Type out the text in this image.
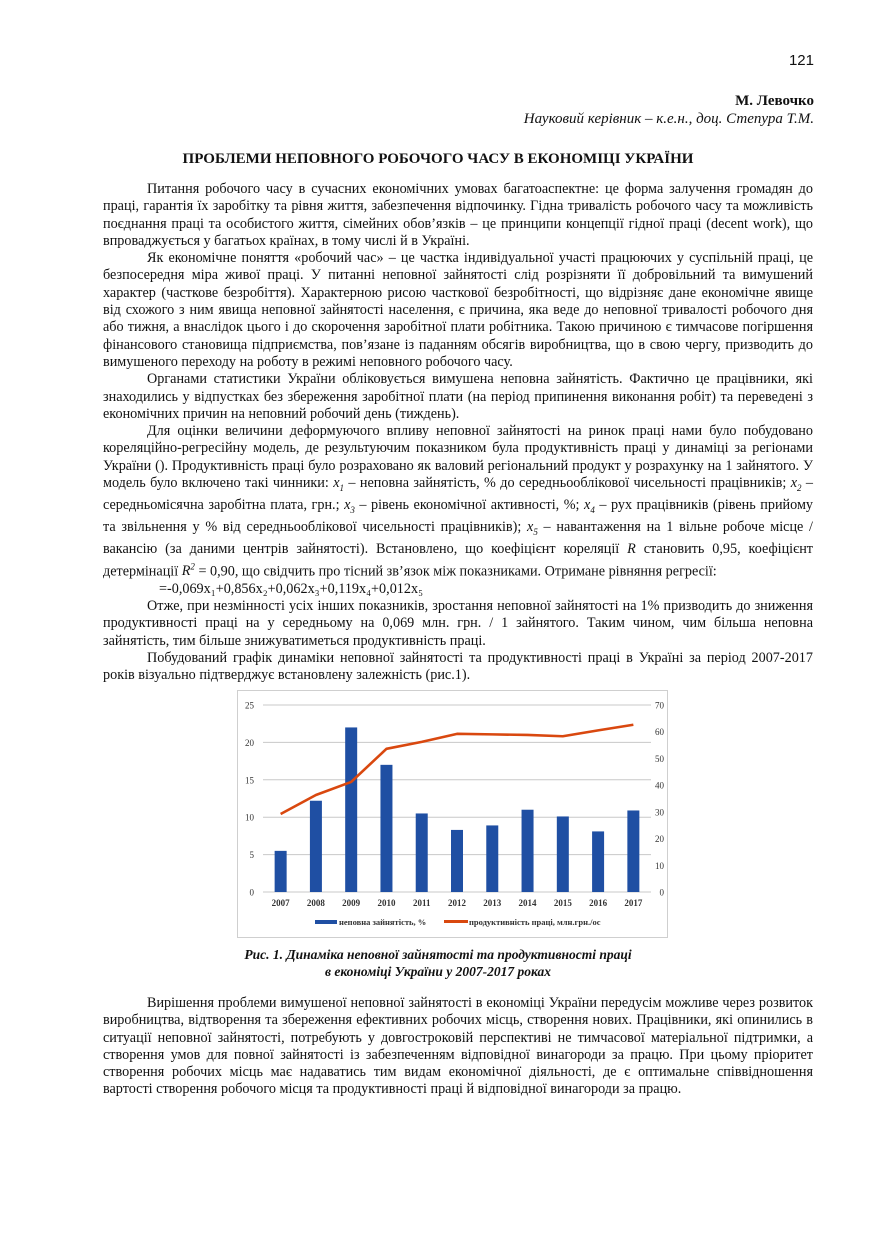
121
М. Левочко
Науковий керівник – к.е.н., доц. Степура Т.М.
ПРОБЛЕМИ НЕПОВНОГО РОБОЧОГО ЧАСУ В ЕКОНОМІЦІ УКРАЇНИ

Питання робочого часу в сучасних економічних умовах багатоаспектне: це форма залучення громадян до праці, гарантія їх заробітку та рівня життя, забезпечення відпочинку. Гідна тривалість робочого часу та можливість поєднання праці та особистого життя, сімейних обов’язків – це принципи концепції гідної праці (decent work), що впроваджується у багатьох країнах, в тому числі й в Україні.

Як економічне поняття «робочий час» – це частка індивідуальної участі працюючих у суспільній праці, це безпосередня міра живої праці. У питанні неповної зайнятості слід розрізняти її добровільний та вимушений характер (часткове безробіття). Характерною рисою часткової безробітності, що відрізняє дане економічне явище від схожого з ним явища неповної зайнятості населення, є причина, яка веде до неповної тривалості робочого дня або тижня, а внаслідок цього і до скорочення заробітної плати робітника. Такою причиною є тимчасове погіршення фінансового становища підприємства, пов’язане із паданням обсягів виробництва, що в свою чергу, призводить до вимушеного переходу на роботу в режимі неповного робочого часу.

Органами статистики України обліковується вимушена неповна зайнятість. Фактично це працівники, які знаходились у відпустках без збереження заробітної плати (на період припинення виконання робіт) та переведені з економічних причин на неповний робочий день (тиждень).

Для оцінки величини деформуючого впливу неповної зайнятості на ринок праці нами було побудовано кореляційно-регресійну модель, де результуючим показником була продуктивність праці у динаміці за регіонами України (). Продуктивність праці було розраховано як валовий регіональний продукт у розрахунку на 1 зайнятого. У модель було включено такі чинники: $x_1$ – неповна зайнятість, % до середньооблікової чисельності працівників; $x_2$ – середньомісячна заробітна плата, грн.; $x_3$ – рівень економічної активності, %; $x_4$ – рух працівників (рівень прийому та звільнення у % від середньооблікової чисельності працівників); $x_5$ – навантаження на 1 вільне робоче місце / вакансію (за даними центрів зайнятості). Встановлено, що коефіцієнт кореляції R становить 0,95, коефіцієнт детермінації $R^2 = 0,90$, що свідчить про тісний зв’язок між показниками. Отримане рівняння регресії:

=-0,069x₁+0,856x₂+0,062x₃+0,119x₄+0,012x₅

Отже, при незмінності усіх інших показників, зростання неповної зайнятості на 1% призводить до зниження продуктивності праці на у середньому на 0,069 млн. грн. / 1 зайнятого. Таким чином, чим більша неповна зайнятість, тим більше знижуватиметься продуктивність праці.

Побудований графік динаміки неповної зайнятості та продуктивності праці в Україні за період 2007-2017 років візуально підтверджує встановлену залежність (рис.1).

0
5
10
15
20
25
0
10
20
30
40
50
60
70
2007 2008 2009 2010 2011 2012 2013 2014 2015 2016 2017
неповна зайнятість, %	продуктивність праці, млн.грн./ос
Рис. 1. Динаміка неповної зайнятості та продуктивності праці
в економіці України у 2007-2017 роках

Вирішення проблеми вимушеної неповної зайнятості в економіці України передусім можливе через розвиток виробництва, відтворення та збереження ефективних робочих місць, створення нових. Працівники, які опинились в ситуації неповної зайнятості, потребують у довгостроковій перспективі не тимчасової матеріальної підтримки, а створення умов для повної зайнятості із забезпеченням відповідної винагороди за працю. При цьому пріоритет створення робочих місць має надаватись тим видам економічної діяльності, де є оптимальне співвідношення вартості створення робочого місця та продуктивності праці й відповідної винагороди за працю.
